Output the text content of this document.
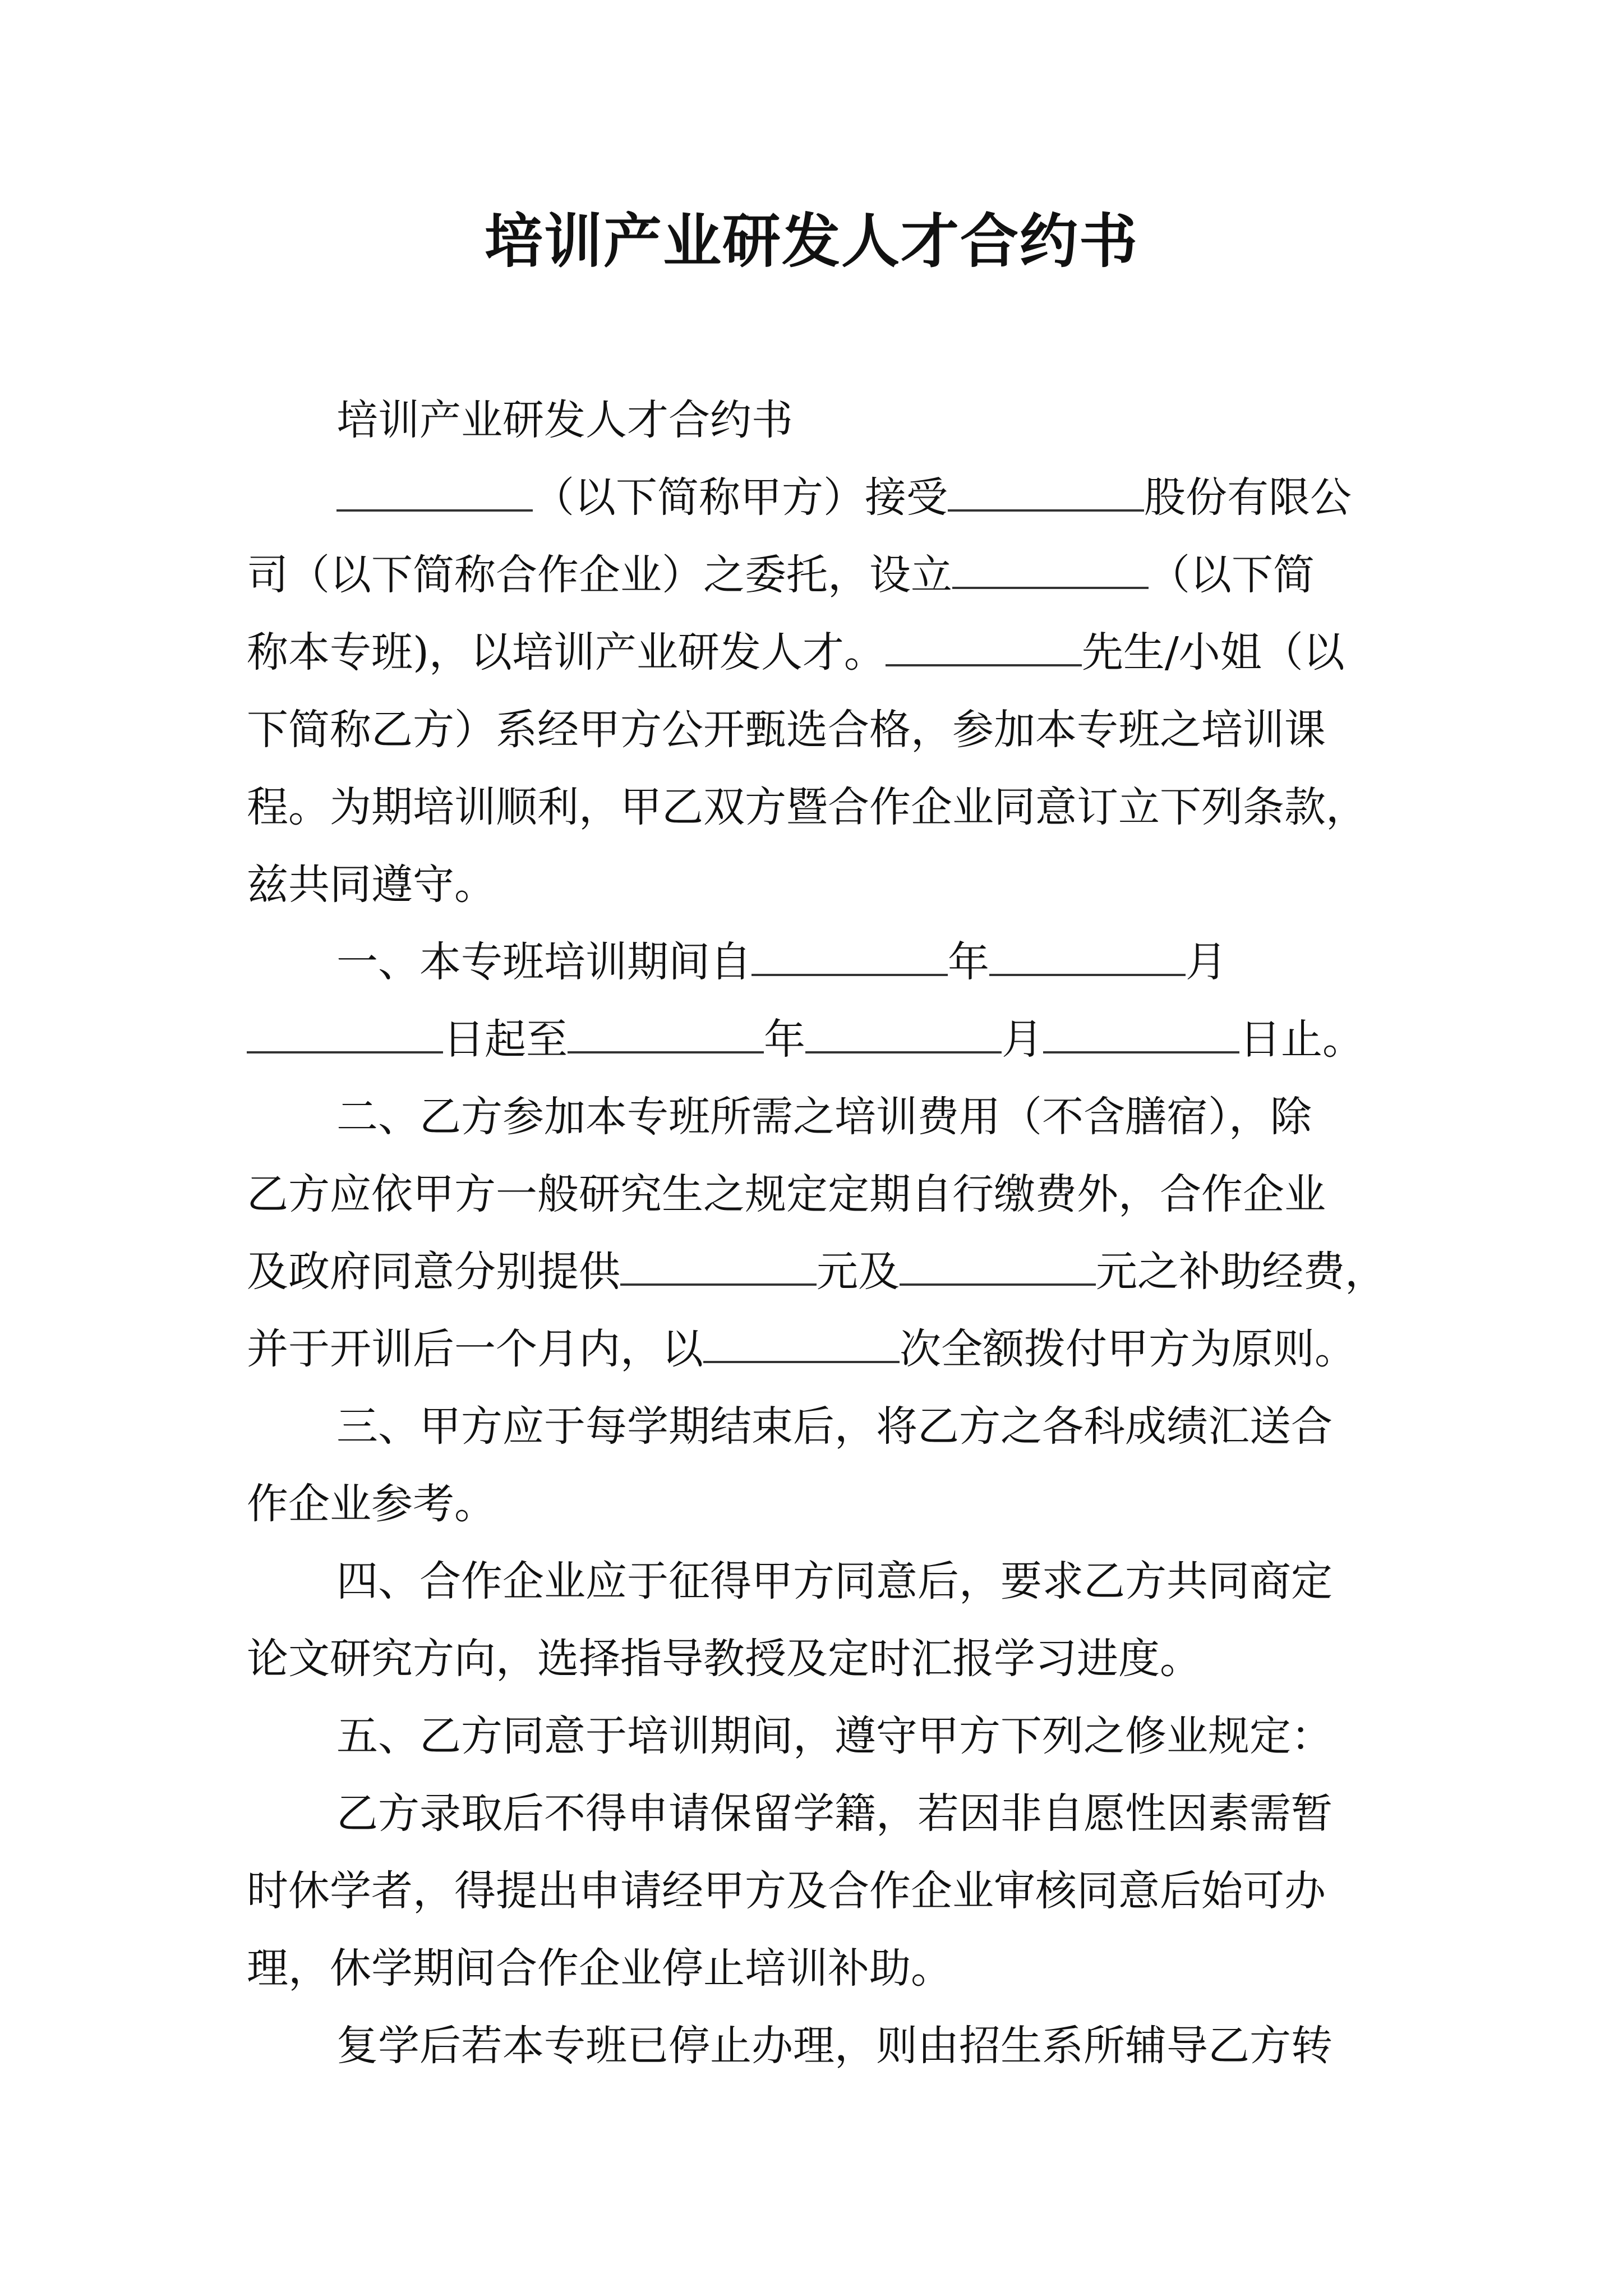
培训产业研发人才合约书
培训产业研发人才合约书
（以下简称甲方）接受	股份有限公
司（以下简称合作企业）之委托，设立	（以下简
称本专班)，以培训产业研发人才。	先生/小姐（以
下简称乙方）系经甲方公开甄选合格，参加本专班之培训课
程。为期培训顺利，甲乙双方暨合作企业同意订立下列条款，
兹共同遵守。
一、本专班培训期间自	年	月
日起至	年	月	日止。
二、乙方参加本专班所需之培训费用（不含膳宿），除
乙方应依甲方一般研究生之规定定期自行缴费外，合作企业
及政府同意分别提供	元及	元之补助经费，
并于开训后一个月内，以	次全额拨付甲方为原则。
三、甲方应于每学期结束后，将乙方之各科成绩汇送合
作企业参考。
四、合作企业应于征得甲方同意后，要求乙方共同商定
论文研究方向，选择指导教授及定时汇报学习进度。
五、乙方同意于培训期间，遵守甲方下列之修业规定：
乙方录取后不得申请保留学籍，若因非自愿性因素需暂
时休学者，得提出申请经甲方及合作企业审核同意后始可办
理，休学期间合作企业停止培训补助。
复学后若本专班已停止办理，则由招生系所辅导乙方转
